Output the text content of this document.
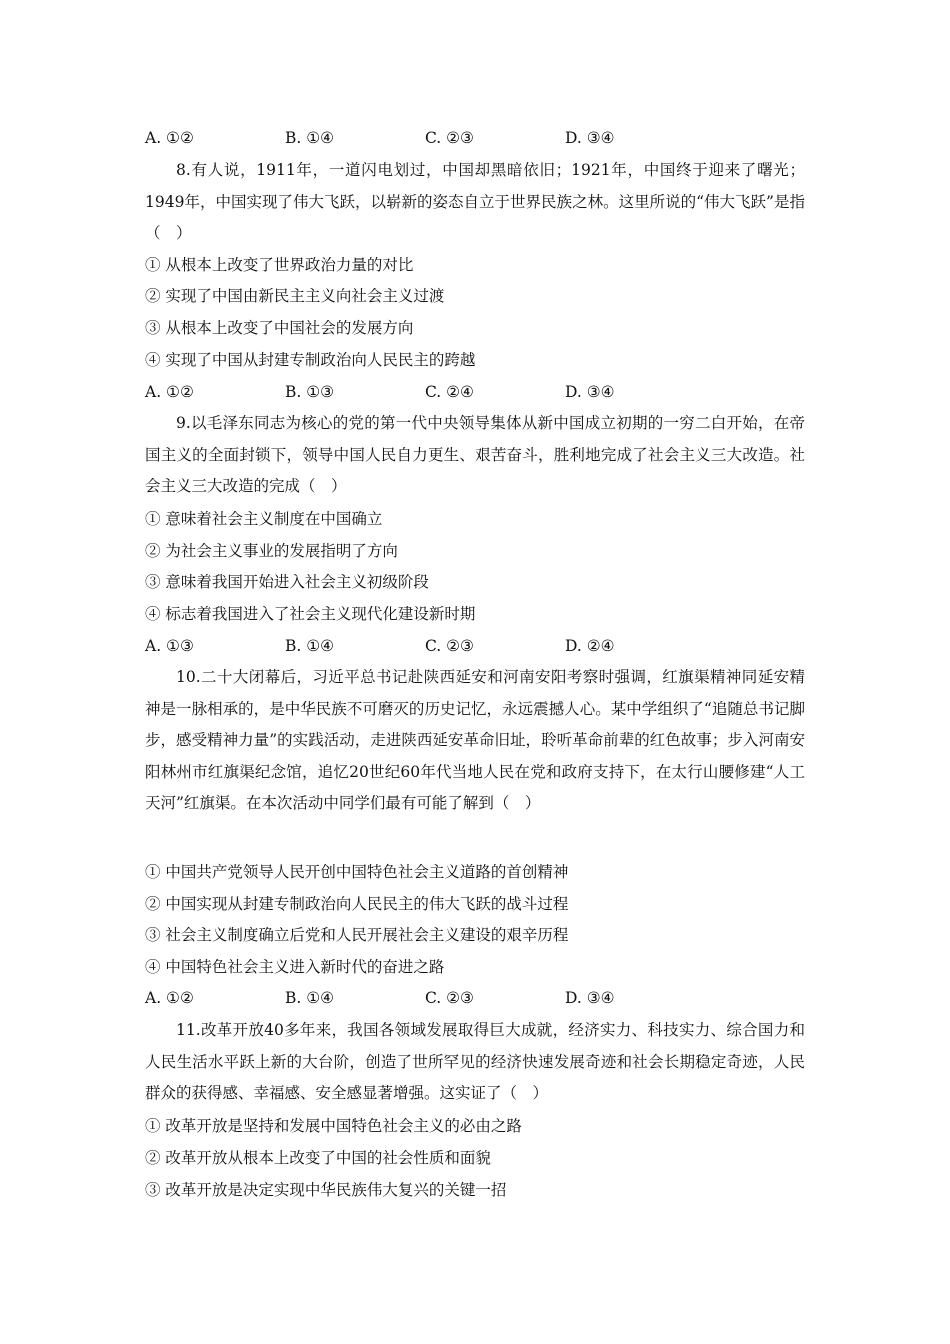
A. ①②	B. ①④	C. ②③	D. ③④
8.有人说，1911年，一道闪电划过，中国却黑暗依旧；1921年，中国终于迎来了曙光；1949年，中国实现了伟大飞跃，以崭新的姿态自立于世界民族之林。这里所说的“伟大飞跃”是指（　）
① 从根本上改变了世界政治力量的对比
② 实现了中国由新民主主义向社会主义过渡
③ 从根本上改变了中国社会的发展方向
④ 实现了中国从封建专制政治向人民民主的跨越
A. ①②	B. ①③	C. ②④	D. ③④
9.以毛泽东同志为核心的党的第一代中央领导集体从新中国成立初期的一穷二白开始，在帝国主义的全面封锁下，领导中国人民自力更生、艰苦奋斗，胜利地完成了社会主义三大改造。社会主义三大改造的完成（　）
① 意味着社会主义制度在中国确立
② 为社会主义事业的发展指明了方向
③ 意味着我国开始进入社会主义初级阶段
④ 标志着我国进入了社会主义现代化建设新时期
A. ①③	B. ①④	C. ②③	D. ②④
10.二十大闭幕后，习近平总书记赴陕西延安和河南安阳考察时强调，红旗渠精神同延安精神是一脉相承的，是中华民族不可磨灭的历史记忆，永远震撼人心。某中学组织了“追随总书记脚步，感受精神力量”的实践活动，走进陕西延安革命旧址，聆听革命前辈的红色故事；步入河南安阳林州市红旗渠纪念馆，追忆20世纪60年代当地人民在党和政府支持下，在太行山腰修建“人工天河”红旗渠。在本次活动中同学们最有可能了解到（　）
① 中国共产党领导人民开创中国特色社会主义道路的首创精神
② 中国实现从封建专制政治向人民民主的伟大飞跃的战斗过程
③ 社会主义制度确立后党和人民开展社会主义建设的艰辛历程
④ 中国特色社会主义进入新时代的奋进之路
A. ①②	B. ①④	C. ②③	D. ③④
11.改革开放40多年来，我国各领域发展取得巨大成就，经济实力、科技实力、综合国力和人民生活水平跃上新的大台阶，创造了世所罕见的经济快速发展奇迹和社会长期稳定奇迹，人民群众的获得感、幸福感、安全感显著增强。这实证了（　）
① 改革开放是坚持和发展中国特色社会主义的必由之路
② 改革开放从根本上改变了中国的社会性质和面貌
③ 改革开放是决定实现中华民族伟大复兴的关键一招
